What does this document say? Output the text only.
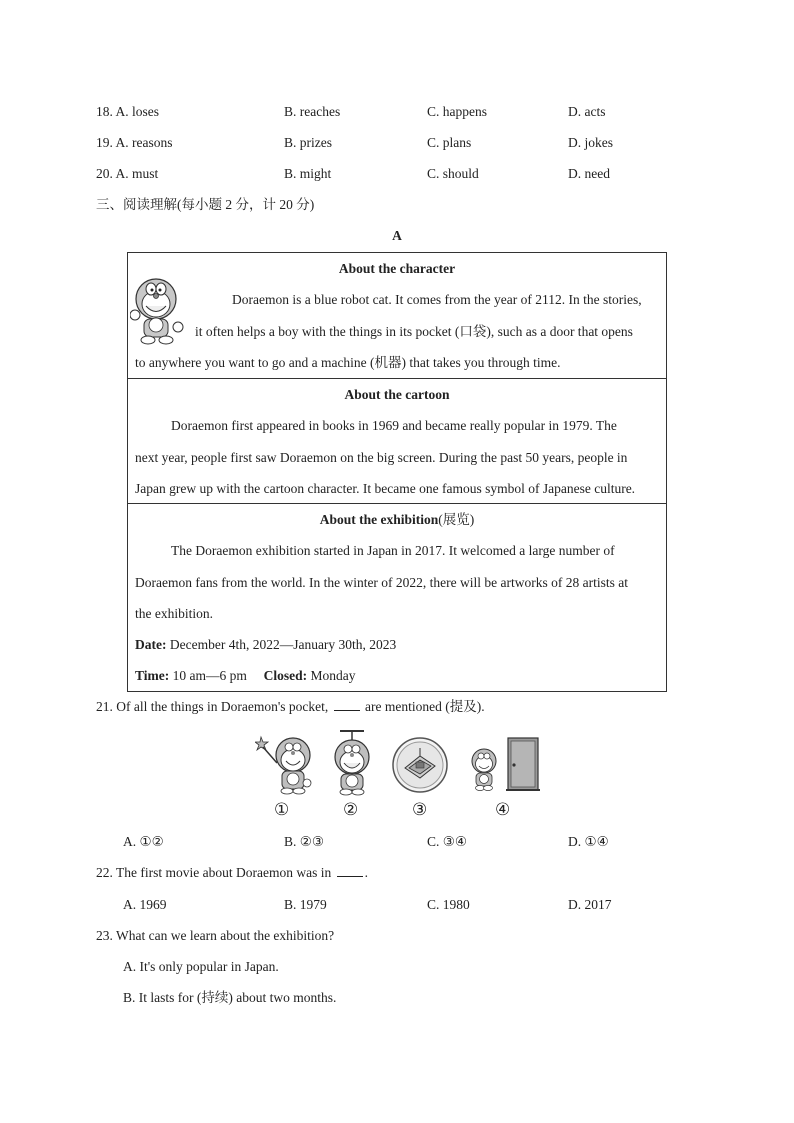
18. A. loses	B. reaches	C. happens	D. acts
19. A. reasons	B. prizes	C. plans	D. jokes
20. A. must	B. might	C. should	D. need
三、阅读理解(每小题 2 分，计 20 分)
A
About the character
Doraemon is a blue robot cat. It comes from the year of 2112. In the stories,
it often helps a boy with the things in its pocket (口袋), such as a door that opens
to anywhere you want to go and a machine (机器) that takes you through time.
About the cartoon
Doraemon first appeared in books in 1969 and became really popular in 1979. The
next year, people first saw Doraemon on the big screen. During the past 50 years, people in
Japan grew up with the cartoon character. It became one famous symbol of Japanese culture.
About the exhibition(展览)
The Doraemon exhibition started in Japan in 2017. It welcomed a large number of
Doraemon fans from the world. In the winter of 2022, there will be artworks of 28 artists at
the exhibition.
Date: December 4th, 2022—January 30th, 2023
Time: 10 am—6 pm Closed: Monday
21. Of all the things in Doraemon's pocket,	are mentioned (提及).
①	②	③	④
A. ①②	B. ②③	C. ③④	D. ①④
22. The first movie about Doraemon was in .
A. 1969	B. 1979	C. 1980	D. 2017
23. What can we learn about the exhibition?
A. It's only popular in Japan.
B. It lasts for (持续) about two months.
